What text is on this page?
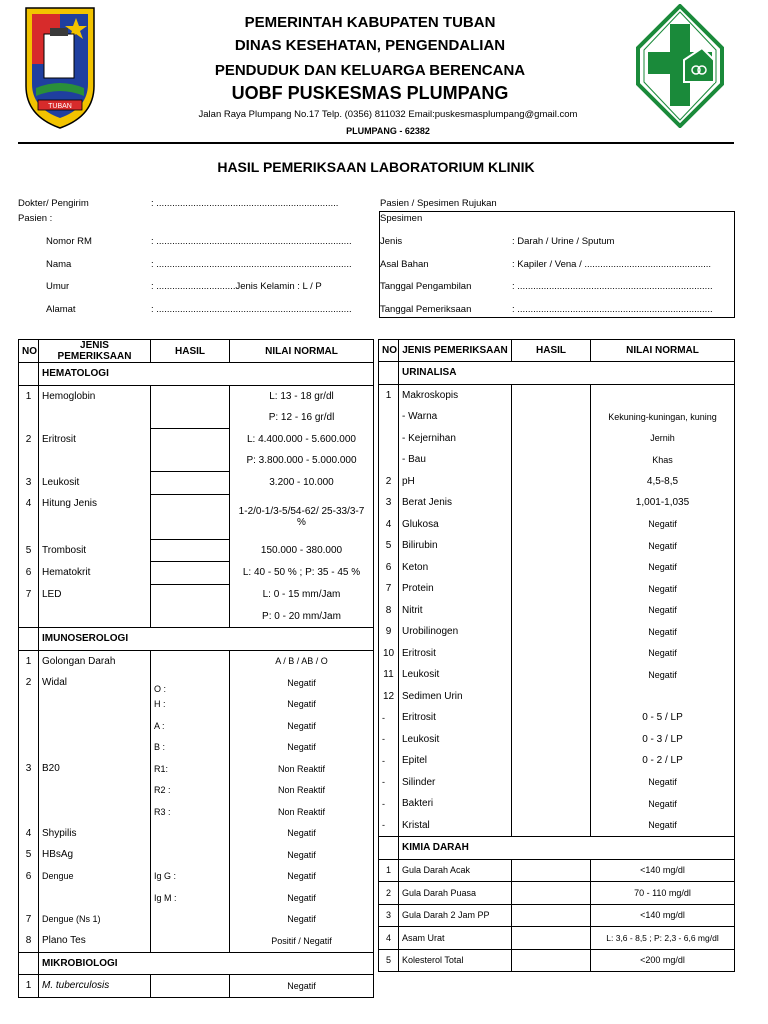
TUBAN
PEMERINTAH KABUPATEN TUBAN
DINAS KESEHATAN, PENGENDALIAN
PENDUDUK DAN KELUARGA BERENCANA
UOBF PUSKESMAS PLUMPANG
Jalan Raya Plumpang No.17 Telp. (0356) 811032 Email:puskesmasplumpang@gmail.com
PLUMPANG - 62382
HASIL PEMERIKSAAN LABORATORIUM KLINIK
Dokter/ Pengirim	: .....................................................................
Pasien :
Nomor RM	: ..........................................................................
Nama	: ..........................................................................
Umur	: ..............................Jenis Kelamin : L / P
Alamat	: ..........................................................................
Pasien / Spesimen Rujukan
Spesimen
Jenis	: Darah / Urine / Sputum
Asal Bahan	: Kapiler / Vena / ................................................
Tanggal Pengambilan	: ..........................................................................
Tanggal Pemeriksaan	: ..........................................................................
NO	JENIS PEMERIKSAAN	HASIL	NILAI NORMAL
	HEMATOLOGI		
1	Hemoglobin		L: 13 - 18 gr/dl
			P: 12 - 16 gr/dl
2	Eritrosit		L: 4.400.000 - 5.600.000
			P: 3.800.000 - 5.000.000
3	Leukosit		3.200 - 10.000
4	Hitung Jenis		1-2/0-1/3-5/54-62/ 25-33/3-7 %
5	Trombosit		150.000 - 380.000
6	Hematokrit		L: 40 - 50 % ; P: 35 - 45 %
7	LED		L: 0 - 15 mm/Jam
			P: 0 - 20 mm/Jam
	IMUNOSEROLOGI		
1	Golongan Darah		A / B / AB / O
2	Widal	O :	Negatif
		H :	Negatif
		A :	Negatif
		B :	Negatif
3	B20	R1:	Non Reaktif
		R2 :	Non Reaktif
		R3 :	Non Reaktif
4	Shypilis		Negatif
5	HBsAg		Negatif
6	Dengue	Ig G :	Negatif
		Ig M :	Negatif
7	Dengue (Ns 1)		Negatif
8	Plano Tes		Positif / Negatif
	MIKROBIOLOGI		
1	M. tuberculosis		Negatif
NO	JENIS PEMERIKSAAN	HASIL	NILAI NORMAL
	URINALISA		
1	Makroskopis		
	- Warna		Kekuning-kuningan, kuning
	- Kejernihan		Jernih
	- Bau		Khas
2	pH		4,5-8,5
3	Berat Jenis		1,001-1,035
4	Glukosa		Negatif
5	Bilirubin		Negatif
6	Keton		Negatif
7	Protein		Negatif
8	Nitrit		Negatif
9	Urobilinogen		Negatif
10	Eritrosit		Negatif
11	Leukosit		Negatif
12	Sedimen Urin		
-	Eritrosit		0 - 5 / LP
-	Leukosit		0 - 3 / LP
-	Epitel		0 - 2 / LP
-	Silinder		Negatif
-	Bakteri		Negatif
-	Kristal		Negatif
	KIMIA DARAH		
1	Gula Darah Acak		<140 mg/dl
2	Gula Darah Puasa		70 - 110 mg/dl
3	Gula Darah 2 Jam PP		<140 mg/dl
4	Asam Urat		L: 3,6 - 8,5 ; P: 2,3 - 6,6 mg/dl
5	Kolesterol Total		<200 mg/dl
